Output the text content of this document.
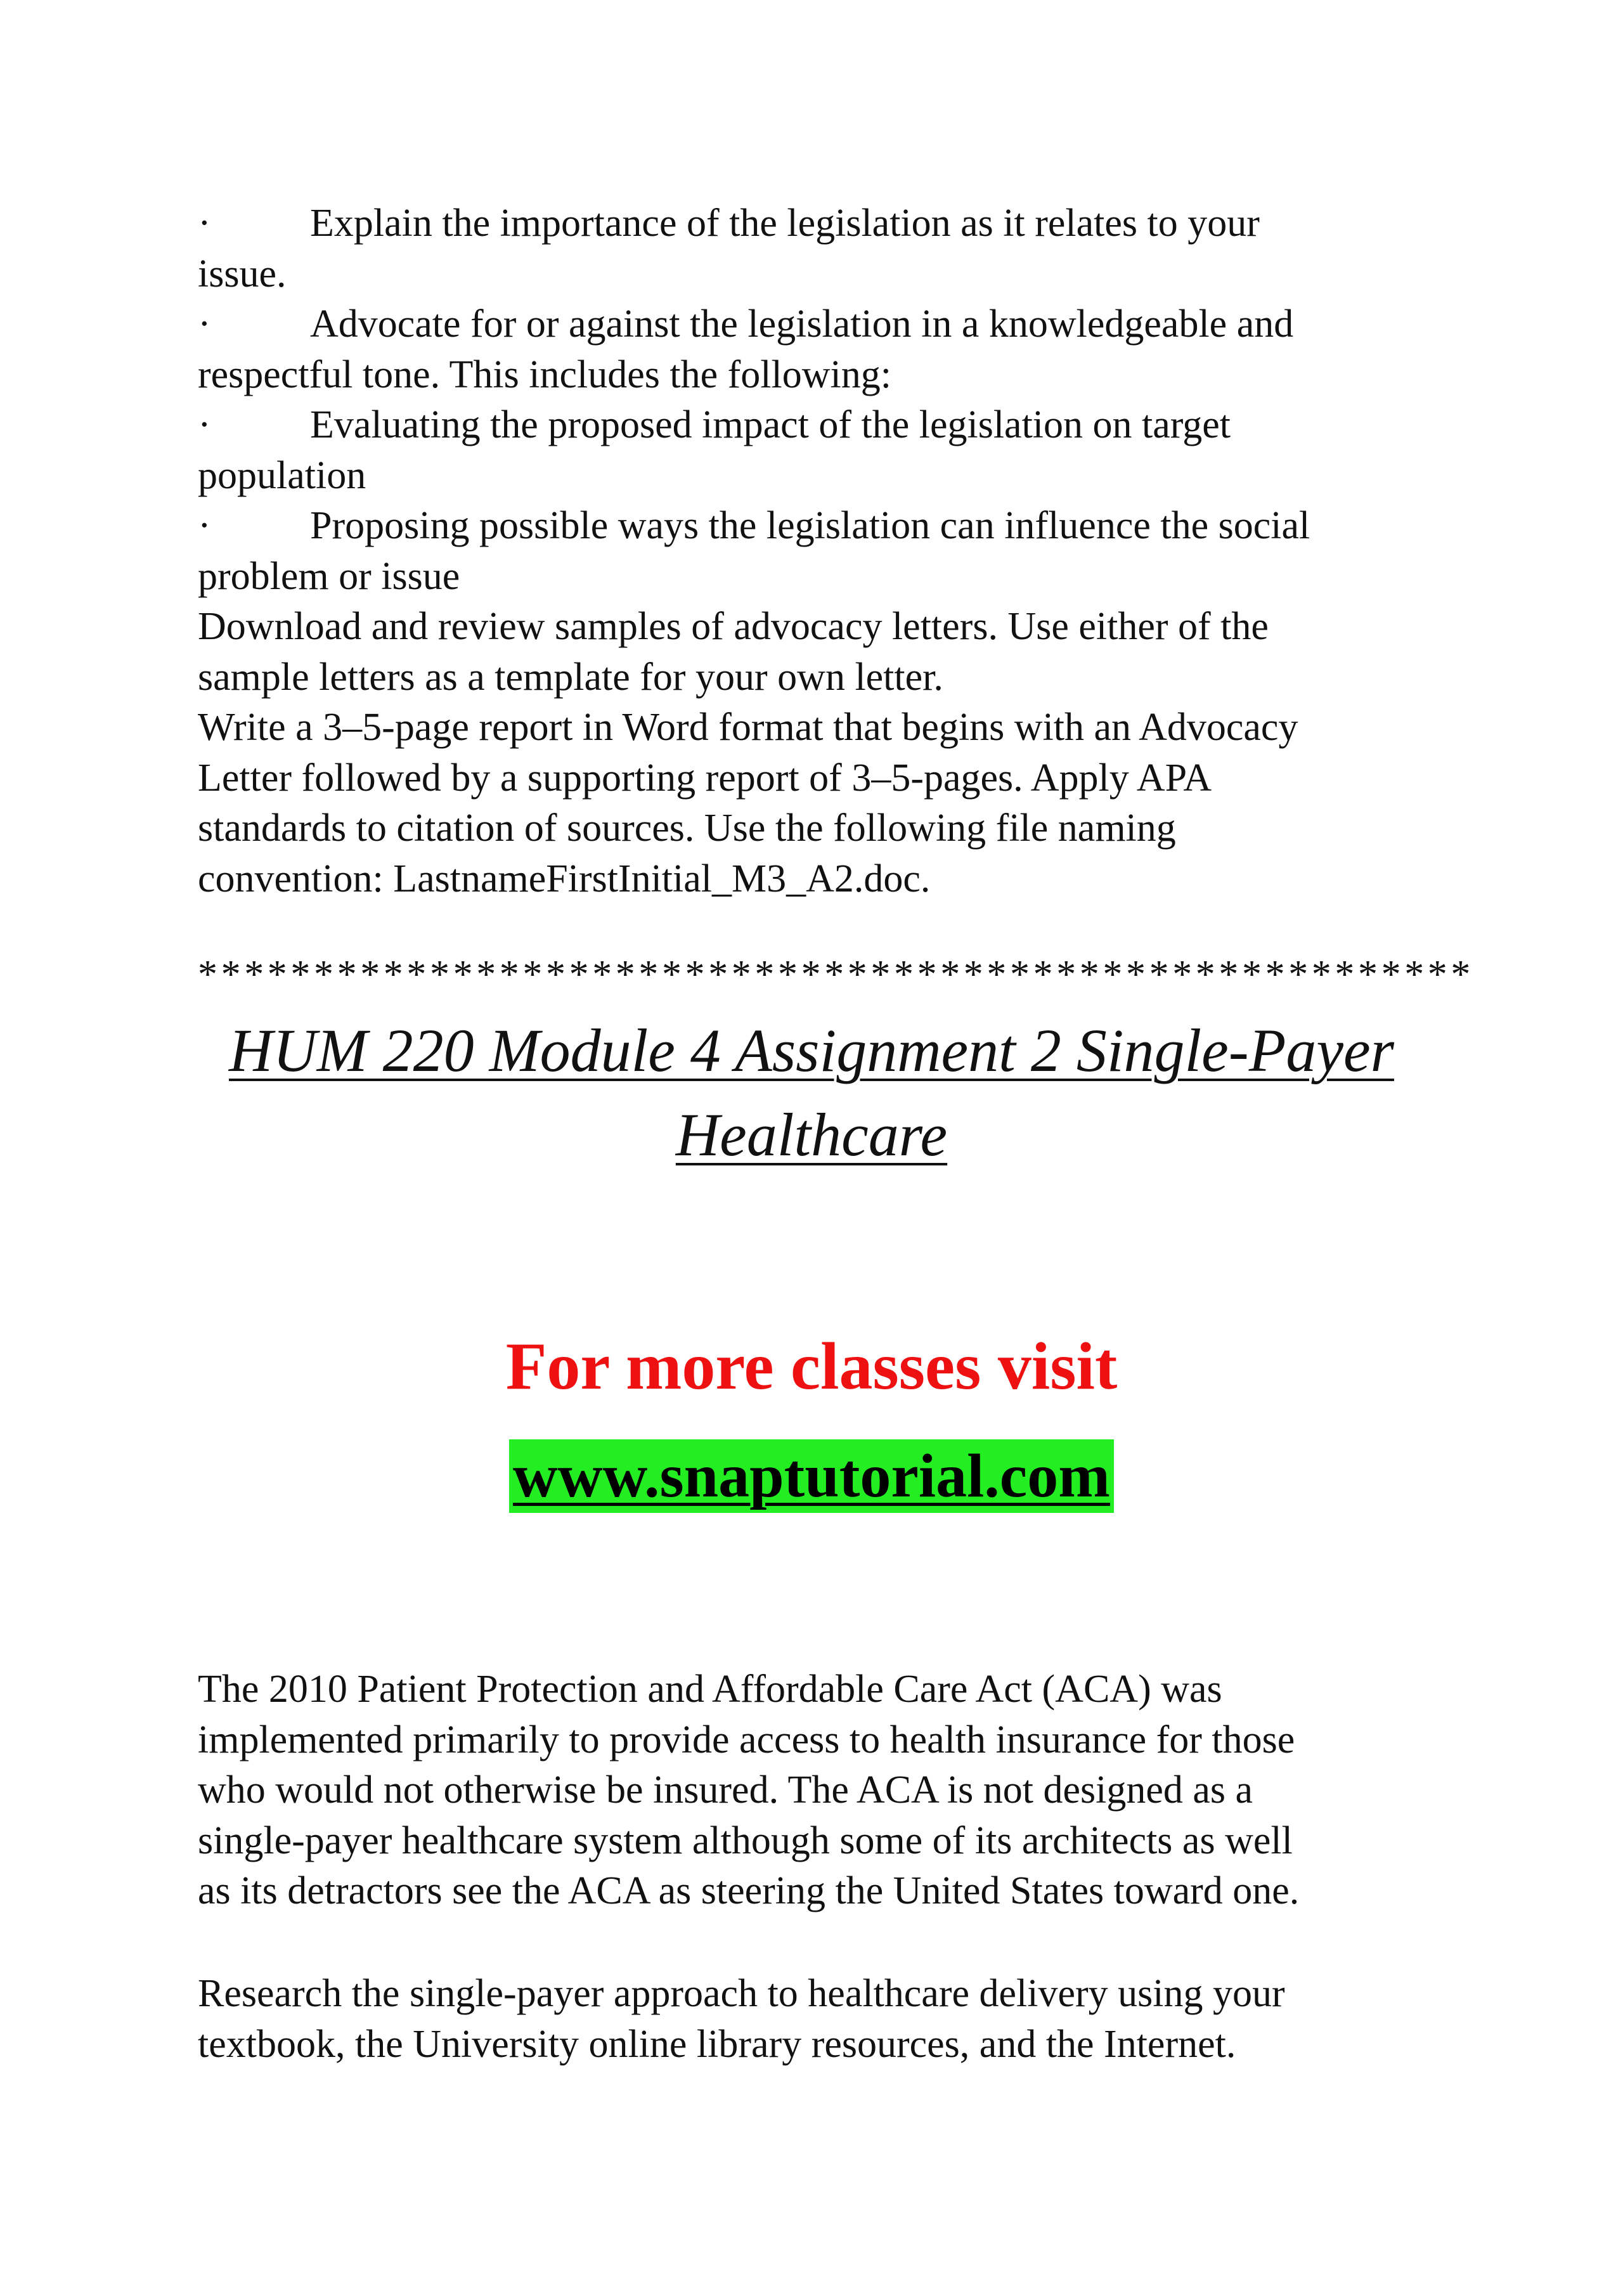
·	Explain the importance of the legislation as it relates to your
issue.

·	Advocate for or against the legislation in a knowledgeable and
respectful tone. This includes the following:

·	Evaluating the proposed impact of the legislation on target
population

·	Proposing possible ways the legislation can influence the social
problem or issue

Download and review samples of advocacy letters. Use either of the
sample letters as a template for your own letter.
Write a 3–5-page report in Word format that begins with an Advocacy
Letter followed by a supporting report of 3–5-pages. Apply APA
standards to citation of sources. Use the following file naming
convention: LastnameFirstInitial_M3_A2.doc.

*******************************************************
HUM 220 Module 4 Assignment 2 Single-Payer
Healthcare
For more classes visit
www.snaptutorial.com
The 2010 Patient Protection and Affordable Care Act (ACA) was
implemented primarily to provide access to health insurance for those
who would not otherwise be insured. The ACA is not designed as a
single-payer healthcare system although some of its architects as well
as its detractors see the ACA as steering the United States toward one.
Research the single-payer approach to healthcare delivery using your
textbook, the University online library resources, and the Internet.
